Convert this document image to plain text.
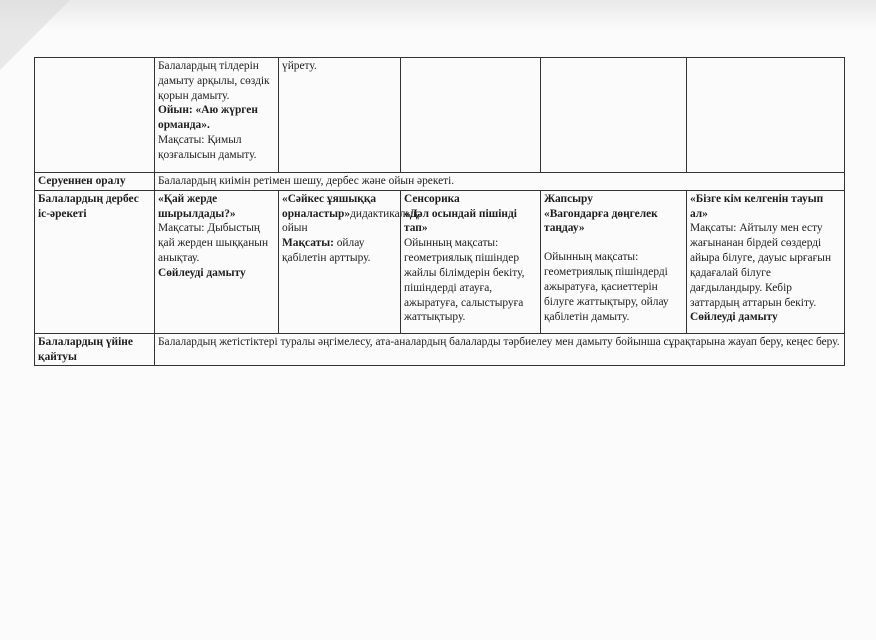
	Балалардың тілдерін дамыту арқылы, сөздік қорын дамыту.
Ойын: «Аю жүрген орманда».
Мақсаты: Қимыл қозғалысын дамыту.	үйрету.			
Серуеннен оралу	Балалардың киімін ретімен шешу, дербес және ойын әрекеті.				
Балалардың дербес іс-әрекеті	«Қай жерде шырылдады?»
Мақсаты: Дыбыстың қай жерден шыққанын анықтау.
Сөйлеуді дамыту	«Сәйкес ұяшыққа орналастыр»дидактикалық ойын
Мақсаты: ойлау қабілетін арттыру.	Сенсорика
«Дәл осындай пішінді тап»
Ойынның мақсаты: геометриялық пішіндер жайлы білімдерін бекіту, пішіндерді атауға, ажыратуға, салыстыруға жаттықтыру.	Жапсыру
«Вагондарға дөңгелек таңдау»
Ойынның мақсаты: геометриялық пішіндерді ажыратуға, қасиеттерін білуге жаттықтыру, ойлау қабілетін дамыту.	«Бізге кім келгенін тауып ал»
Мақсаты: Айтылу мен есту жағынанан бірдей сөздерді айыра білуге, дауыс ырғағын қадағалай білуге дағдыландыру. Кебір заттардың аттарын бекіту.
Сөйлеуді дамыту

Балалардың үйіне қайтуы	Балалардың жетістіктері туралы әңгімелесу, ата-аналардың балаларды тәрбиелеу мен дамыту бойынша сұрақтарына жауап беру, кеңес беру.				
